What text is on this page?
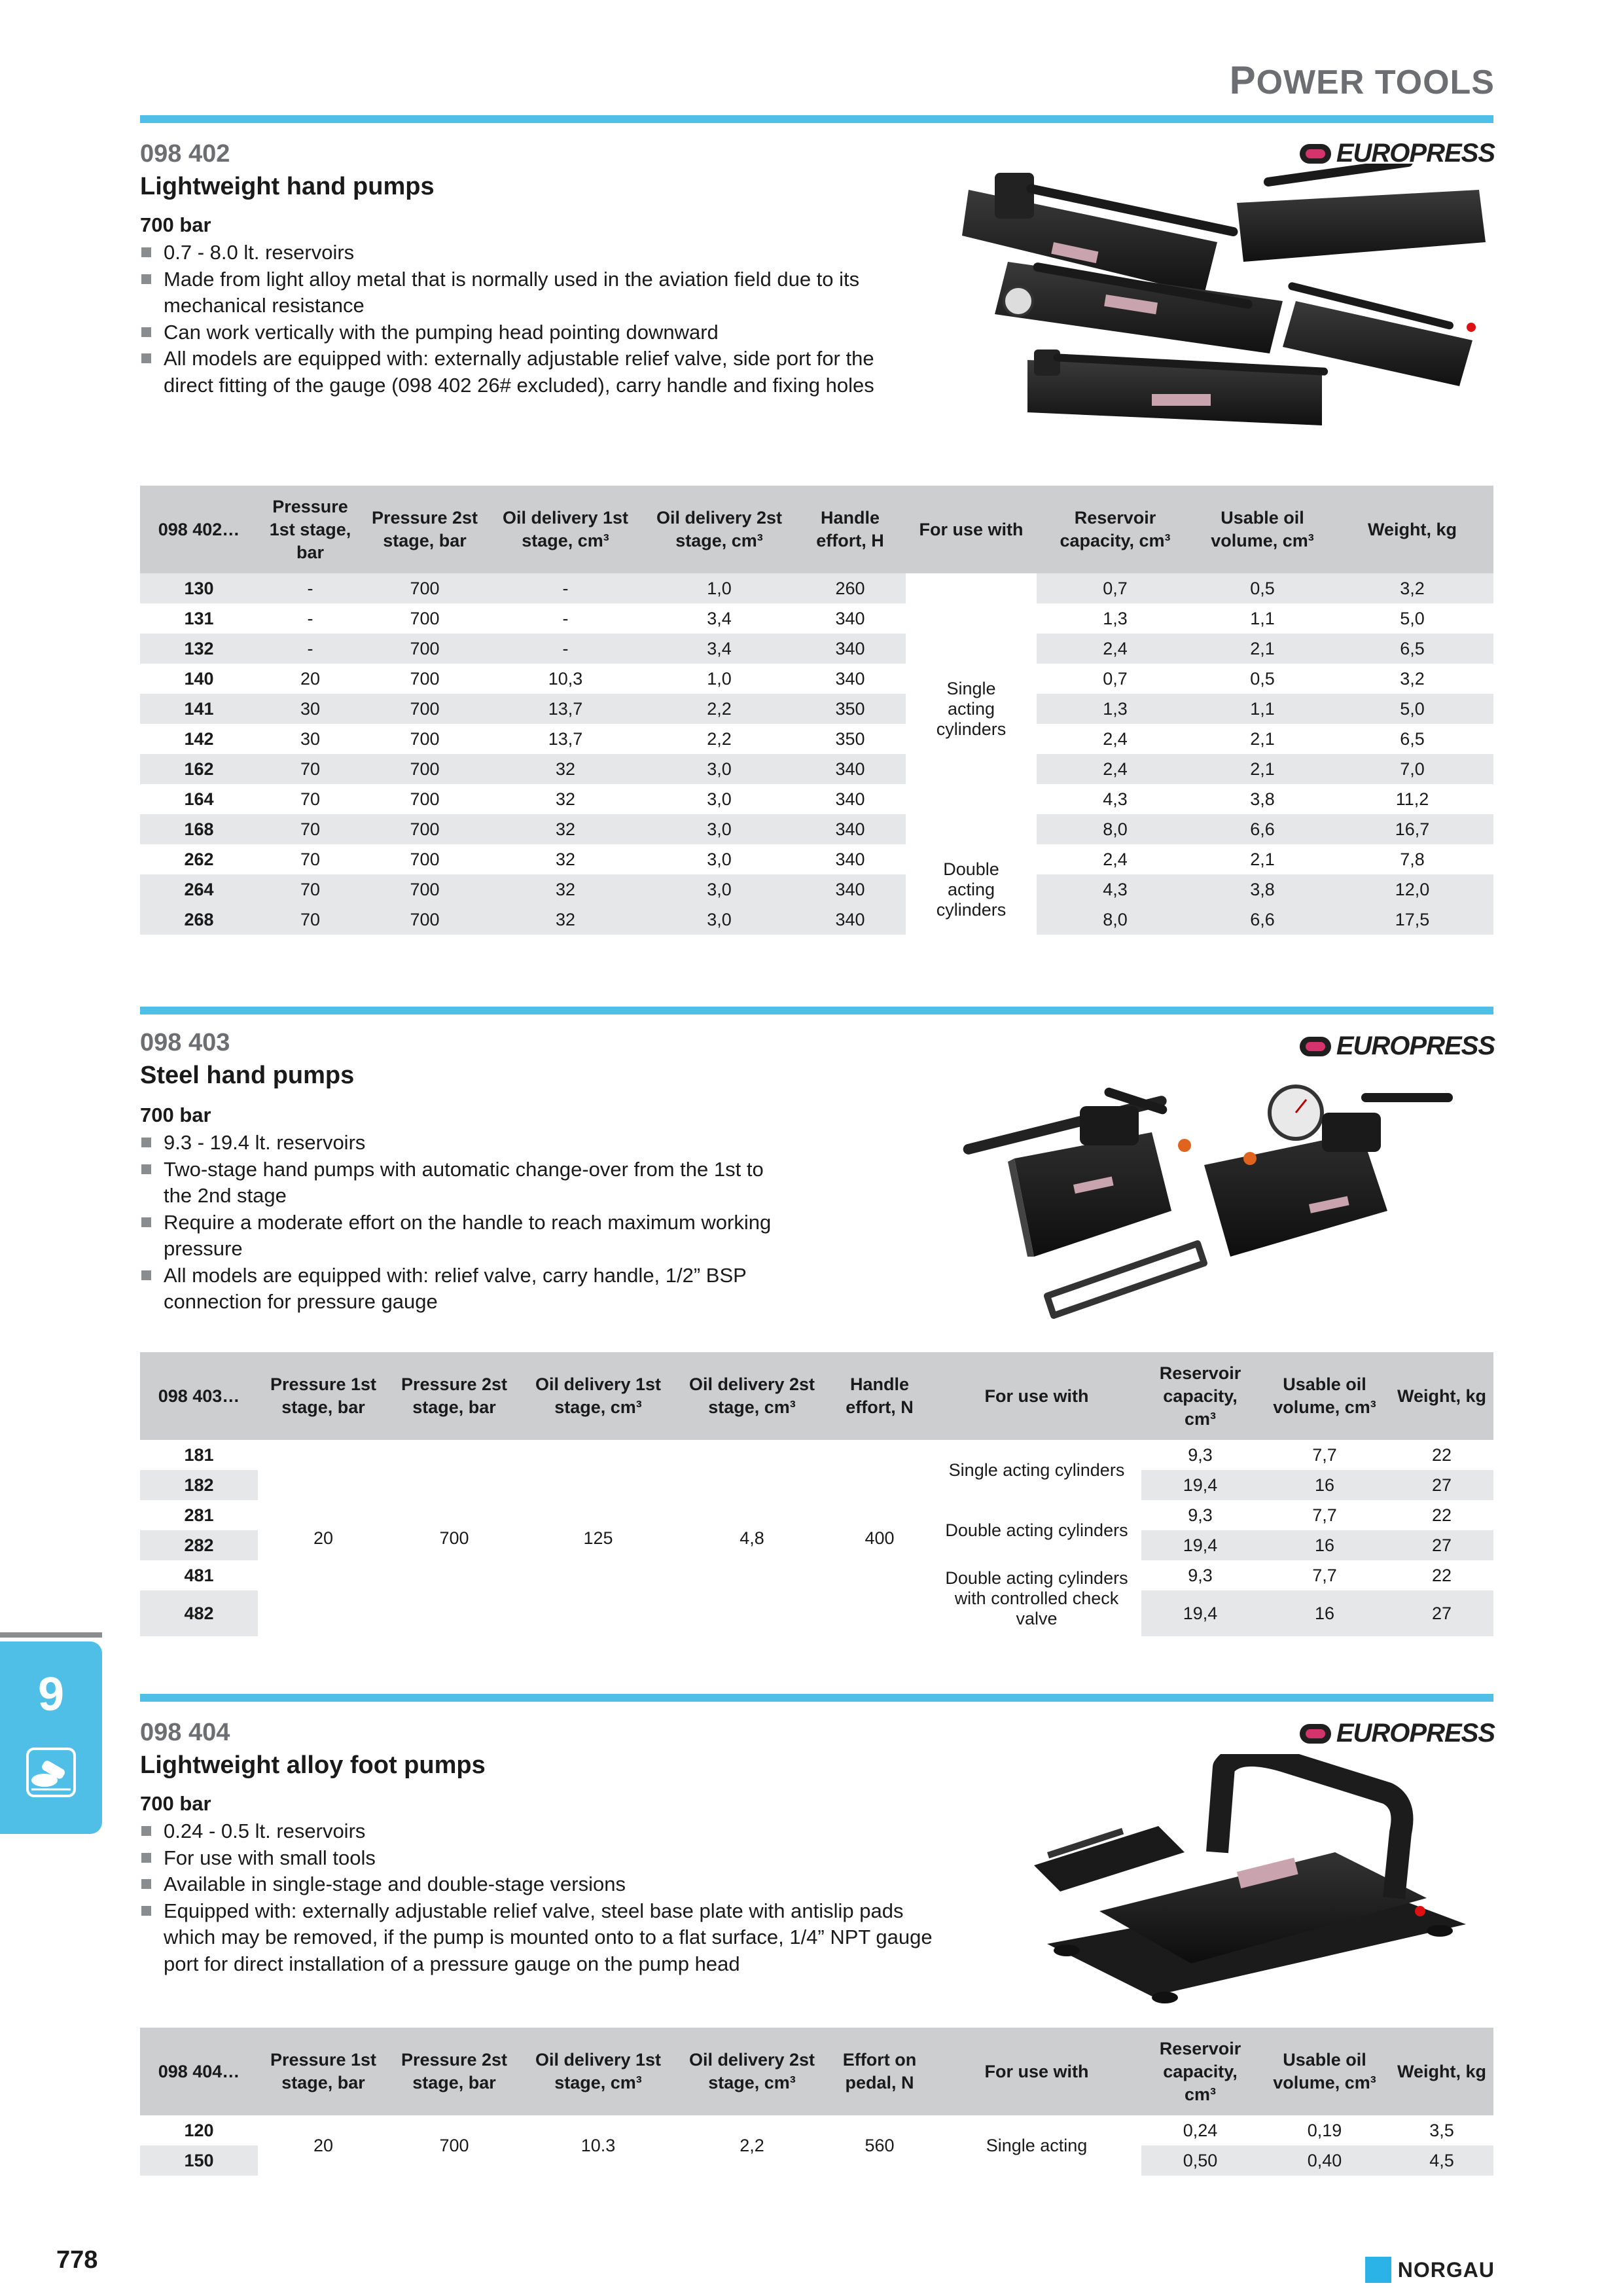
POWER TOOLS
098 402
Lightweight hand pumps
EUROPRESS
700 bar
0.7 - 8.0 lt. reservoirs
Made from light alloy metal that is normally used in the aviation field due to its mechanical resistance
Can work vertically with the pumping head pointing downward
All models are equipped with: externally adjustable relief valve, side port for the direct fitting of the gauge (098 402 26# excluded), carry handle and fixing holes
098 402…	Pressure 1st stage, bar	Pressure 2st stage, bar	Oil delivery 1st stage, cm³	Oil delivery 2st stage, cm³	Handle effort, H	For use with	Reservoir capacity, cm³	Usable oil volume, cm³	Weight, kg
130	-	700	-	1,0	260	Single acting cylinders	0,7	0,5	3,2
131	-	700	-	3,4	340		1,3	1,1	5,0
132	-	700	-	3,4	340		2,4	2,1	6,5
140	20	700	10,3	1,0	340		0,7	0,5	3,2
141	30	700	13,7	2,2	350		1,3	1,1	5,0
142	30	700	13,7	2,2	350		2,4	2,1	6,5
162	70	700	32	3,0	340		2,4	2,1	7,0
164	70	700	32	3,0	340		4,3	3,8	11,2
168	70	700	32	3,0	340		8,0	6,6	16,7
262	70	700	32	3,0	340	Double acting cylinders	2,4	2,1	7,8
264	70	700	32	3,0	340		4,3	3,8	12,0
268	70	700	32	3,0	340		8,0	6,6	17,5
098 403
Steel hand pumps
EUROPRESS
700 bar
9.3 - 19.4 lt. reservoirs
Two-stage hand pumps with automatic change-over from the 1st to the 2nd stage
Require a moderate effort on the handle to reach maximum working pressure
All models are equipped with: relief valve, carry handle, 1/2” BSP connection for pressure gauge
098 403…	Pressure 1st stage, bar	Pressure 2st stage, bar	Oil delivery 1st stage, cm³	Oil delivery 2st stage, cm³	Handle effort, N	For use with	Reservoir capacity, cm³	Usable oil volume, cm³	Weight, kg
181	20	700	125	4,8	400	Single acting cylinders	9,3	7,7	22
182							19,4	16	27
281						Double acting cylinders	9,3	7,7	22
282							19,4	16	27
481						Double acting cylinders with controlled check valve	9,3	7,7	22
482							19,4	16	27
9
098 404
Lightweight alloy foot pumps
EUROPRESS
700 bar
0.24 - 0.5 lt. reservoirs
For use with small tools
Available in single-stage and double-stage versions
Equipped with: externally adjustable relief valve, steel base plate with antislip pads which may be removed, if the pump is mounted onto to a flat surface, 1/4” NPT gauge port for direct installation of a pressure gauge on the pump head
098 404…	Pressure 1st stage, bar	Pressure 2st stage, bar	Oil delivery 1st stage, cm³	Oil delivery 2st stage, cm³	Effort on pedal, N	For use with	Reservoir capacity, cm³	Usable oil volume, cm³	Weight, kg
120	20	700	10.3	2,2	560	Single acting	0,24	0,19	3,5
150							0,50	0,40	4,5
778	NORGAU
